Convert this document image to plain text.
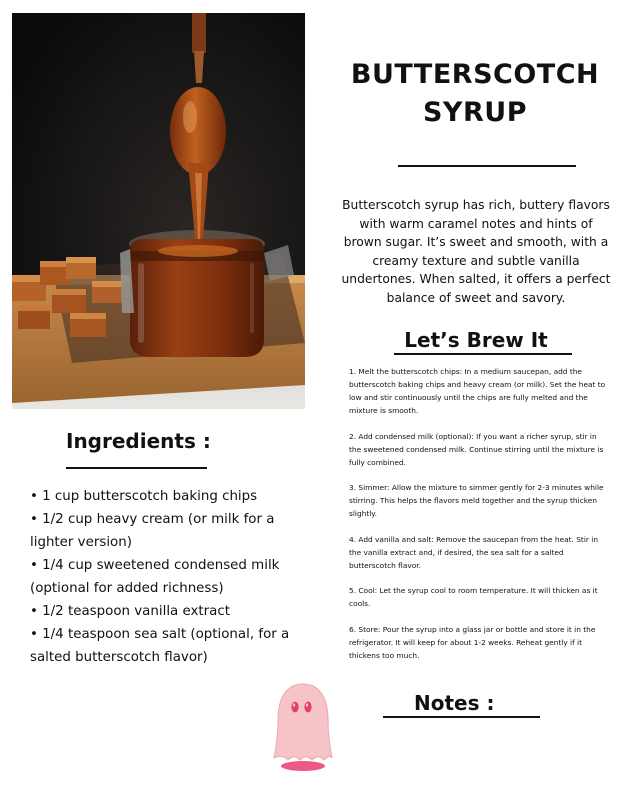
BUTTERSCOTCH
SYRUP
Butterscotch syrup has rich, buttery flavors with warm caramel notes and hints of brown sugar. It’s sweet and smooth, with a creamy texture and subtle vanilla undertones. When salted, it offers a perfect balance of sweet and savory.
Let’s Brew It
1. Melt the butterscotch chips: In a medium saucepan, add the butterscotch baking chips and heavy cream (or milk). Set the heat to low and stir continuously until the chips are fully melted and the mixture is smooth.
2. Add condensed milk (optional): If you want a richer syrup, stir in the sweetened condensed milk. Continue stirring until the mixture is fully combined.
3. Simmer: Allow the mixture to simmer gently for 2-3 minutes while stirring. This helps the flavors meld together and the syrup thicken slightly.
4. Add vanilla and salt: Remove the saucepan from the heat. Stir in the vanilla extract and, if desired, the sea salt for a salted butterscotch flavor.
5. Cool: Let the syrup cool to room temperature. It will thicken as it cools.
6. Store: Pour the syrup into a glass jar or bottle and store it in the refrigerator. It will keep for about 1-2 weeks. Reheat gently if it thickens too much.
Ingredients :
• 1 cup butterscotch baking chips
• 1/2 cup heavy cream (or milk for a lighter version)
• 1/4 cup sweetened condensed milk (optional for added richness)
• 1/2 teaspoon vanilla extract
• 1/4 teaspoon sea salt (optional, for a salted butterscotch flavor)
Notes :
